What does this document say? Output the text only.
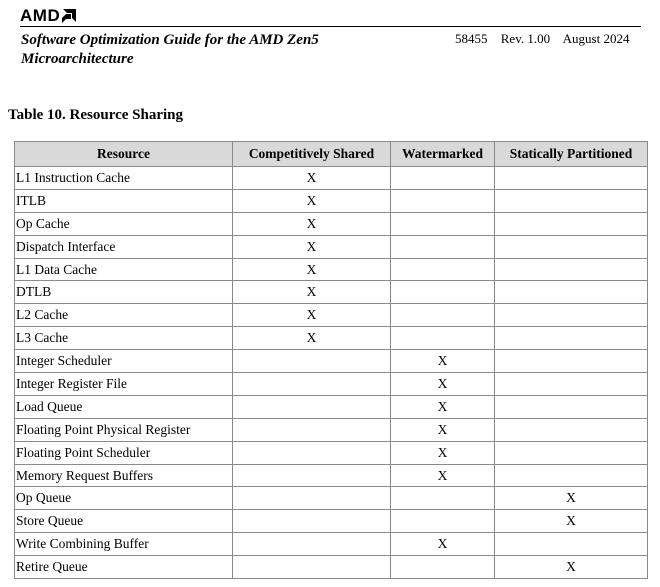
AMD
Software Optimization Guide for the AMD Zen5 Microarchitecture
58455 Rev. 1.00 August 2024
Table 10. Resource Sharing
Resource	Competitively Shared	Watermarked	Statically Partitioned
L1 Instruction Cache	X		
ITLB	X		
Op Cache	X		
Dispatch Interface	X		
L1 Data Cache	X		
DTLB	X		
L2 Cache	X		
L3 Cache	X		
Integer Scheduler		X	
Integer Register File		X	
Load Queue		X	
Floating Point Physical Register		X	
Floating Point Scheduler		X	
Memory Request Buffers		X	
Op Queue			X
Store Queue			X
Write Combining Buffer		X	
Retire Queue			X
